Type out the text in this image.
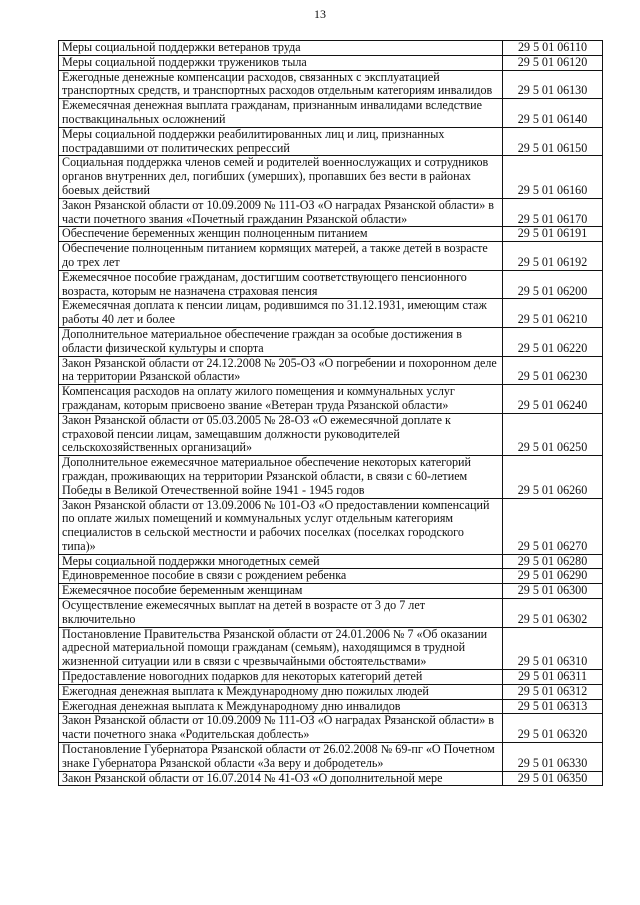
13
Меры социальной поддержки ветеранов труда	29 5 01 06110
Меры социальной поддержки тружеников тыла	29 5 01 06120
Ежегодные денежные компенсации расходов, связанных с эксплуатацией транспортных средств, и транспортных расходов отдельным категориям инвалидов	29 5 01 06130
Ежемесячная денежная выплата гражданам, признанным инвалидами вследствие поствакцинальных осложнений	29 5 01 06140
Меры социальной поддержки реабилитированных лиц и лиц, признанных пострадавшими от политических репрессий	29 5 01 06150
Социальная поддержка членов семей и родителей военнослужащих и сотрудников органов внутренних дел, погибших (умерших), пропавших без вести в районах боевых действий	29 5 01 06160
Закон Рязанской области от 10.09.2009 № 111-ОЗ «О наградах Рязанской области» в части почетного звания «Почетный гражданин Рязанской области»	29 5 01 06170
Обеспечение беременных женщин полноценным питанием	29 5 01 06191
Обеспечение полноценным питанием кормящих матерей, а также детей в возрасте до трех лет	29 5 01 06192
Ежемесячное пособие гражданам, достигшим соответствующего пенсионного возраста, которым не назначена страховая пенсия	29 5 01 06200
Ежемесячная доплата к пенсии лицам, родившимся по 31.12.1931, имеющим стаж работы 40 лет и более	29 5 01 06210
Дополнительное материальное обеспечение граждан за особые достижения в области физической культуры и спорта	29 5 01 06220
Закон Рязанской области от 24.12.2008 № 205-ОЗ «О погребении и похоронном деле на территории Рязанской области»	29 5 01 06230
Компенсация расходов на оплату жилого помещения и коммунальных услуг гражданам, которым присвоено звание «Ветеран труда Рязанской области»	29 5 01 06240
Закон Рязанской области от 05.03.2005 № 28-ОЗ «О ежемесячной доплате к страховой пенсии лицам, замещавшим должности руководителей сельскохозяйственных организаций»	29 5 01 06250
Дополнительное ежемесячное материальное обеспечение некоторых категорий граждан, проживающих на территории Рязанской области, в связи с 60-летием Победы в Великой Отечественной войне 1941 - 1945 годов	29 5 01 06260
Закон Рязанской области от 13.09.2006 № 101-ОЗ «О предоставлении компенсаций по оплате жилых помещений и коммунальных услуг отдельным категориям специалистов в сельской местности и рабочих поселках (поселках городского типа)»	29 5 01 06270
Меры социальной поддержки многодетных семей	29 5 01 06280
Единовременное пособие в связи с рождением ребенка	29 5 01 06290
Ежемесячное пособие беременным женщинам	29 5 01 06300
Осуществление ежемесячных выплат на детей в возрасте от 3 до 7 лет включительно	29 5 01 06302
Постановление Правительства Рязанской области от 24.01.2006 № 7 «Об оказании адресной материальной помощи гражданам (семьям), находящимся в трудной жизненной ситуации или в связи с чрезвычайными обстоятельствами»	29 5 01 06310
Предоставление новогодних подарков для некоторых категорий детей	29 5 01 06311
Ежегодная денежная выплата к Международному дню пожилых людей	29 5 01 06312
Ежегодная денежная выплата к Международному дню инвалидов	29 5 01 06313
Закон Рязанской области от 10.09.2009 № 111-ОЗ «О наградах Рязанской области» в части почетного знака «Родительская доблесть»	29 5 01 06320
Постановление Губернатора Рязанской области от 26.02.2008 № 69-пг «О Почетном знаке Губернатора Рязанской области «За веру и добродетель»	29 5 01 06330
Закон Рязанской области от 16.07.2014 № 41-ОЗ «О дополнительной мере	29 5 01 06350
